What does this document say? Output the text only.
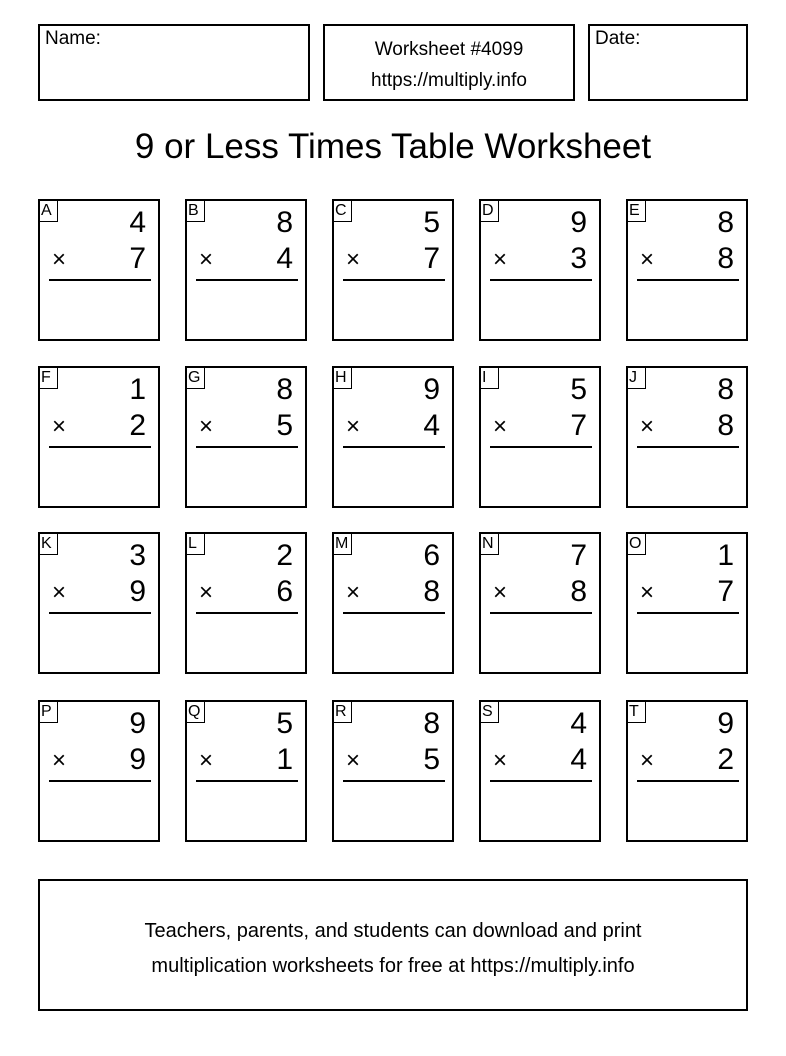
Name:
Worksheet #4099
https://multiply.info
Date:
9 or Less Times Table Worksheet
A	4
× 7
B	8
× 4
C	5
× 7
D	9
× 3
E	8
× 8
F	1
× 2
G	8
× 5
H	9
× 4
I	5
× 7
J	8
× 8
K	3
× 9
L	2
× 6
M 6
× 8
N	7
× 8
O	1
× 7
P	9
× 9
Q	5
× 1
R	8
× 5
S	4
× 4
T	9
× 2
Teachers, parents, and students can download and print
multiplication worksheets for free at https://multiply.info
